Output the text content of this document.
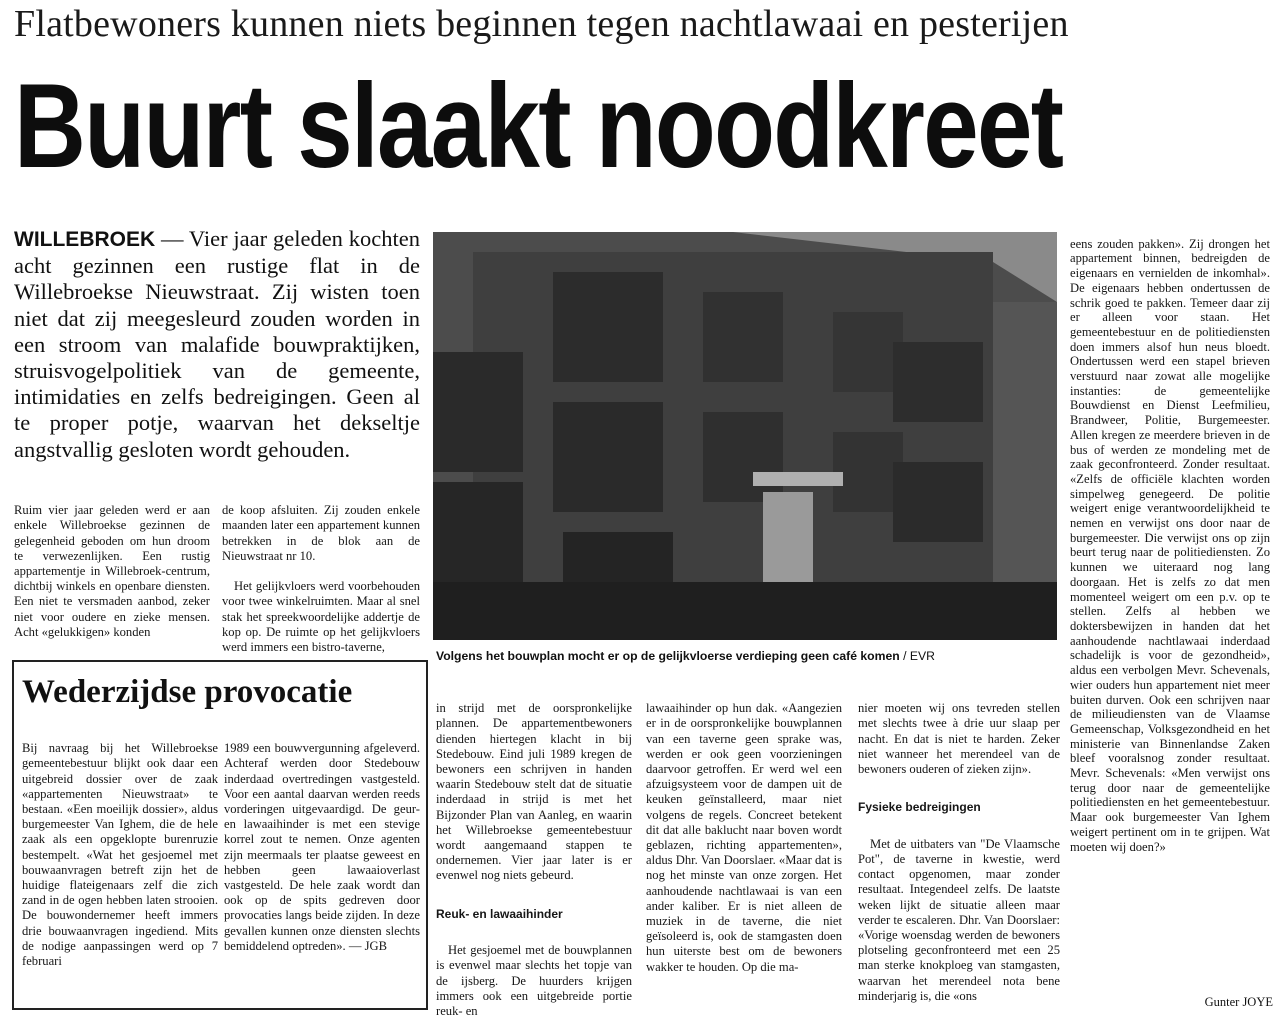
Flatbewoners kunnen niets beginnen tegen nachtlawaai en pesterijen
Buurt slaakt noodkreet
WILLEBROEK — Vier jaar geleden kochten acht gezinnen een rustige flat in de Willebroekse Nieuwstraat. Zij wisten toen niet dat zij meegesleurd zouden worden in een stroom van malafide bouwpraktijken, struisvogelpolitiek van de gemeente, intimidaties en zelfs bedreigingen. Geen al te proper potje, waarvan het dekseltje angstvallig gesloten wordt gehouden.

Ruim vier jaar geleden werd er aan enkele Willebroekse gezinnen de gelegenheid geboden om hun droom te verwezenlijken. Een rustig appartementje in Willebroek-centrum, dichtbij winkels en openbare diensten. Een niet te versmaden aanbod, zeker niet voor oudere en zieke mensen. Acht «gelukkigen» konden

de koop afsluiten. Zij zouden enkele maanden later een appartement kunnen betrekken in de blok aan de Nieuwstraat nr 10.

Het gelijkvloers werd voorbehouden voor twee winkelruimten. Maar al snel stak het spreekwoordelijke addertje de kop op. De ruimte op het gelijkvloers werd immers een bistro-taverne,

Volgens het bouwplan mocht er op de gelijkvloerse verdieping geen café komen / EVR
Wederzijdse provocatie

Bij navraag bij het Willebroekse gemeentebestuur blijkt ook daar een uitgebreid dossier over de zaak «appartementen Nieuwstraat» te bestaan. «Een moeilijk dossier», aldus burgemeester Van Ighem, die de hele zaak als een opgeklopte burenruzie bestempelt. «Wat het gesjoemel met bouwaanvragen betreft zijn het de huidige flateigenaars zelf die zich zand in de ogen hebben laten strooien. De bouwondernemer heeft immers drie bouwaanvragen ingediend. Mits de nodige aanpassingen werd op 7 februari

1989 een bouwvergunning afgeleverd. Achteraf werden door Stedebouw inderdaad overtredingen vastgesteld. Voor een aantal daarvan werden reeds vorderingen uitgevaardigd. De geur- en lawaaihinder is met een stevige korrel zout te nemen. Onze agenten zijn meermaals ter plaatse geweest en hebben geen lawaaioverlast vastgesteld. De hele zaak wordt dan ook op de spits gedreven door provocaties langs beide zijden. In deze gevallen kunnen onze diensten slechts bemiddelend optreden». — JGB

in strijd met de oorspronkelijke plannen. De appartementbewoners dienden hiertegen klacht in bij Stedebouw. Eind juli 1989 kregen de bewoners een schrijven in handen waarin Stedebouw stelt dat de situatie inderdaad in strijd is met het Bijzonder Plan van Aanleg, en waarin het Willebroekse gemeentebestuur wordt aangemaand stappen te ondernemen. Vier jaar later is er evenwel nog niets gebeurd.

Reuk- en lawaaihinder

Het gesjoemel met de bouwplannen is evenwel maar slechts het topje van de ijsberg. De huurders krijgen immers ook een uitgebreide portie reuk- en

lawaaihinder op hun dak. «Aangezien er in de oorspronkelijke bouwplannen van een taverne geen sprake was, werden er ook geen voorzieningen daarvoor getroffen. Er werd wel een afzuigsysteem voor de dampen uit de keuken geïnstalleerd, maar niet volgens de regels. Concreet betekent dit dat alle baklucht naar boven wordt geblazen, richting appartementen», aldus Dhr. Van Doorslaer. «Maar dat is nog het minste van onze zorgen. Het aanhoudende nachtlawaai is van een ander kaliber. Er is niet alleen de muziek in de taverne, die niet geïsoleerd is, ook de stamgasten doen hun uiterste best om de bewoners wakker te houden. Op die ma-

nier moeten wij ons tevreden stellen met slechts twee à drie uur slaap per nacht. En dat is niet te harden. Zeker niet wanneer het merendeel van de bewoners ouderen of zieken zijn».

Fysieke bedreigingen

Met de uitbaters van "De Vlaamsche Pot", de taverne in kwestie, werd contact opgenomen, maar zonder resultaat. Integendeel zelfs. De laatste weken lijkt de situatie alleen maar verder te escaleren. Dhr. Van Doorslaer: «Vorige woensdag werden de bewoners plotseling geconfronteerd met een 25 man sterke knokploeg van stamgasten, waarvan het merendeel nota bene minderjarig is, die «ons

eens zouden pakken». Zij drongen het appartement binnen, bedreigden de eigenaars en vernielden de inkomhal». De eigenaars hebben ondertussen de schrik goed te pakken. Temeer daar zij er alleen voor staan. Het gemeentebestuur en de politiediensten doen immers alsof hun neus bloedt. Ondertussen werd een stapel brieven verstuurd naar zowat alle mogelijke instanties: de gemeentelijke Bouwdienst en Dienst Leefmilieu, Brandweer, Politie, Burgemeester. Allen kregen ze meerdere brieven in de bus of werden ze mondeling met de zaak geconfronteerd. Zonder resultaat. «Zelfs de officiële klachten worden simpelweg genegeerd. De politie weigert enige verantwoordelijkheid te nemen en verwijst ons door naar de burgemeester. Die verwijst ons op zijn beurt terug naar de politiediensten. Zo kunnen we uiteraard nog lang doorgaan. Het is zelfs zo dat men momenteel weigert om een p.v. op te stellen. Zelfs al hebben we doktersbewijzen in handen dat het aanhoudende nachtlawaai inderdaad schadelijk is voor de gezondheid», aldus een verbolgen Mevr. Schevenals, wier ouders hun appartement niet meer buiten durven. Ook een schrijven naar de milieudiensten van de Vlaamse Gemeenschap, Volksgezondheid en het ministerie van Binnenlandse Zaken bleef vooralsnog zonder resultaat. Mevr. Schevenals: «Men verwijst ons terug door naar de gemeentelijke politiediensten en het gemeentebestuur. Maar ook burgemeester Van Ighem weigert pertinent om in te grijpen. Wat moeten wij doen?»

Gunter JOYE
